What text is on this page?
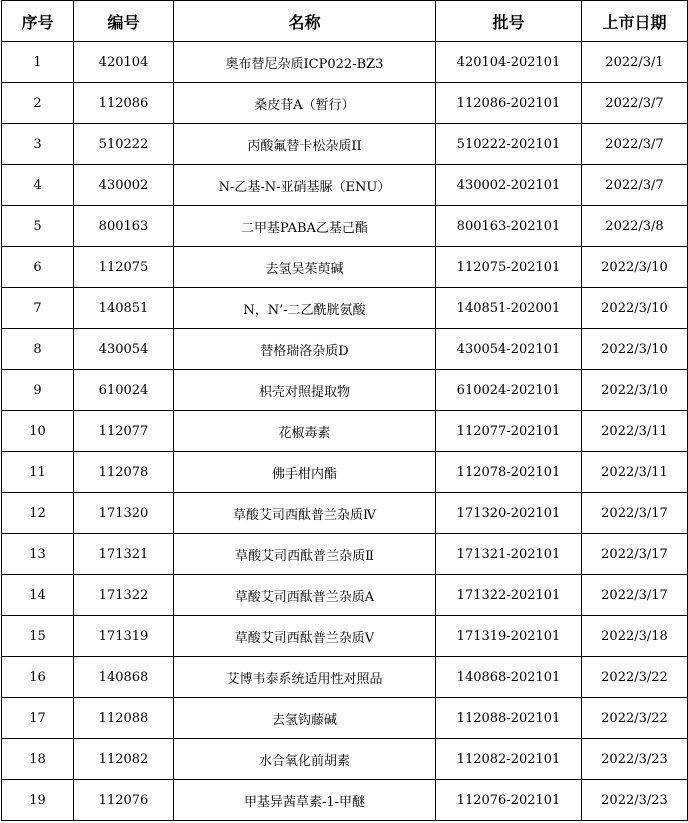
序号	编号	名称	批号	上市日期
1	420104	奥布替尼杂质ICP022-BZ3	420104-202101	2022/3/1
2	112086	桑皮苷A（暂行）	112086-202101	2022/3/7
3	510222	丙酸氟替卡松杂质II	510222-202101	2022/3/7
4	430002	N-乙基-N-亚硝基脲（ENU）	430002-202101	2022/3/7
5	800163	二甲基PABA乙基己酯	800163-202101	2022/3/8
6	112075	去氢吴茱萸碱	112075-202101	2022/3/10
7	140851	N，N’-二乙酰胱氨酸	140851-202001	2022/3/10
8	430054	替格瑞洛杂质D	430054-202101	2022/3/10
9	610024	枳壳对照提取物	610024-202101	2022/3/10
10	112077	花椒毒素	112077-202101	2022/3/11
11	112078	佛手柑内酯	112078-202101	2022/3/11
12	171320	草酸艾司西酞普兰杂质Ⅳ	171320-202101	2022/3/17
13	171321	草酸艾司西酞普兰杂质Ⅱ	171321-202101	2022/3/17
14	171322	草酸艾司西酞普兰杂质A	171322-202101	2022/3/17
15	171319	草酸艾司西酞普兰杂质Ⅴ	171319-202101	2022/3/18
16	140868	艾博韦泰系统适用性对照品	140868-202101	2022/3/22
17	112088	去氢钩藤碱	112088-202101	2022/3/22
18	112082	水合氧化前胡素	112082-202101	2022/3/23
19	112076	甲基异茜草素-1-甲醚	112076-202101	2022/3/23
